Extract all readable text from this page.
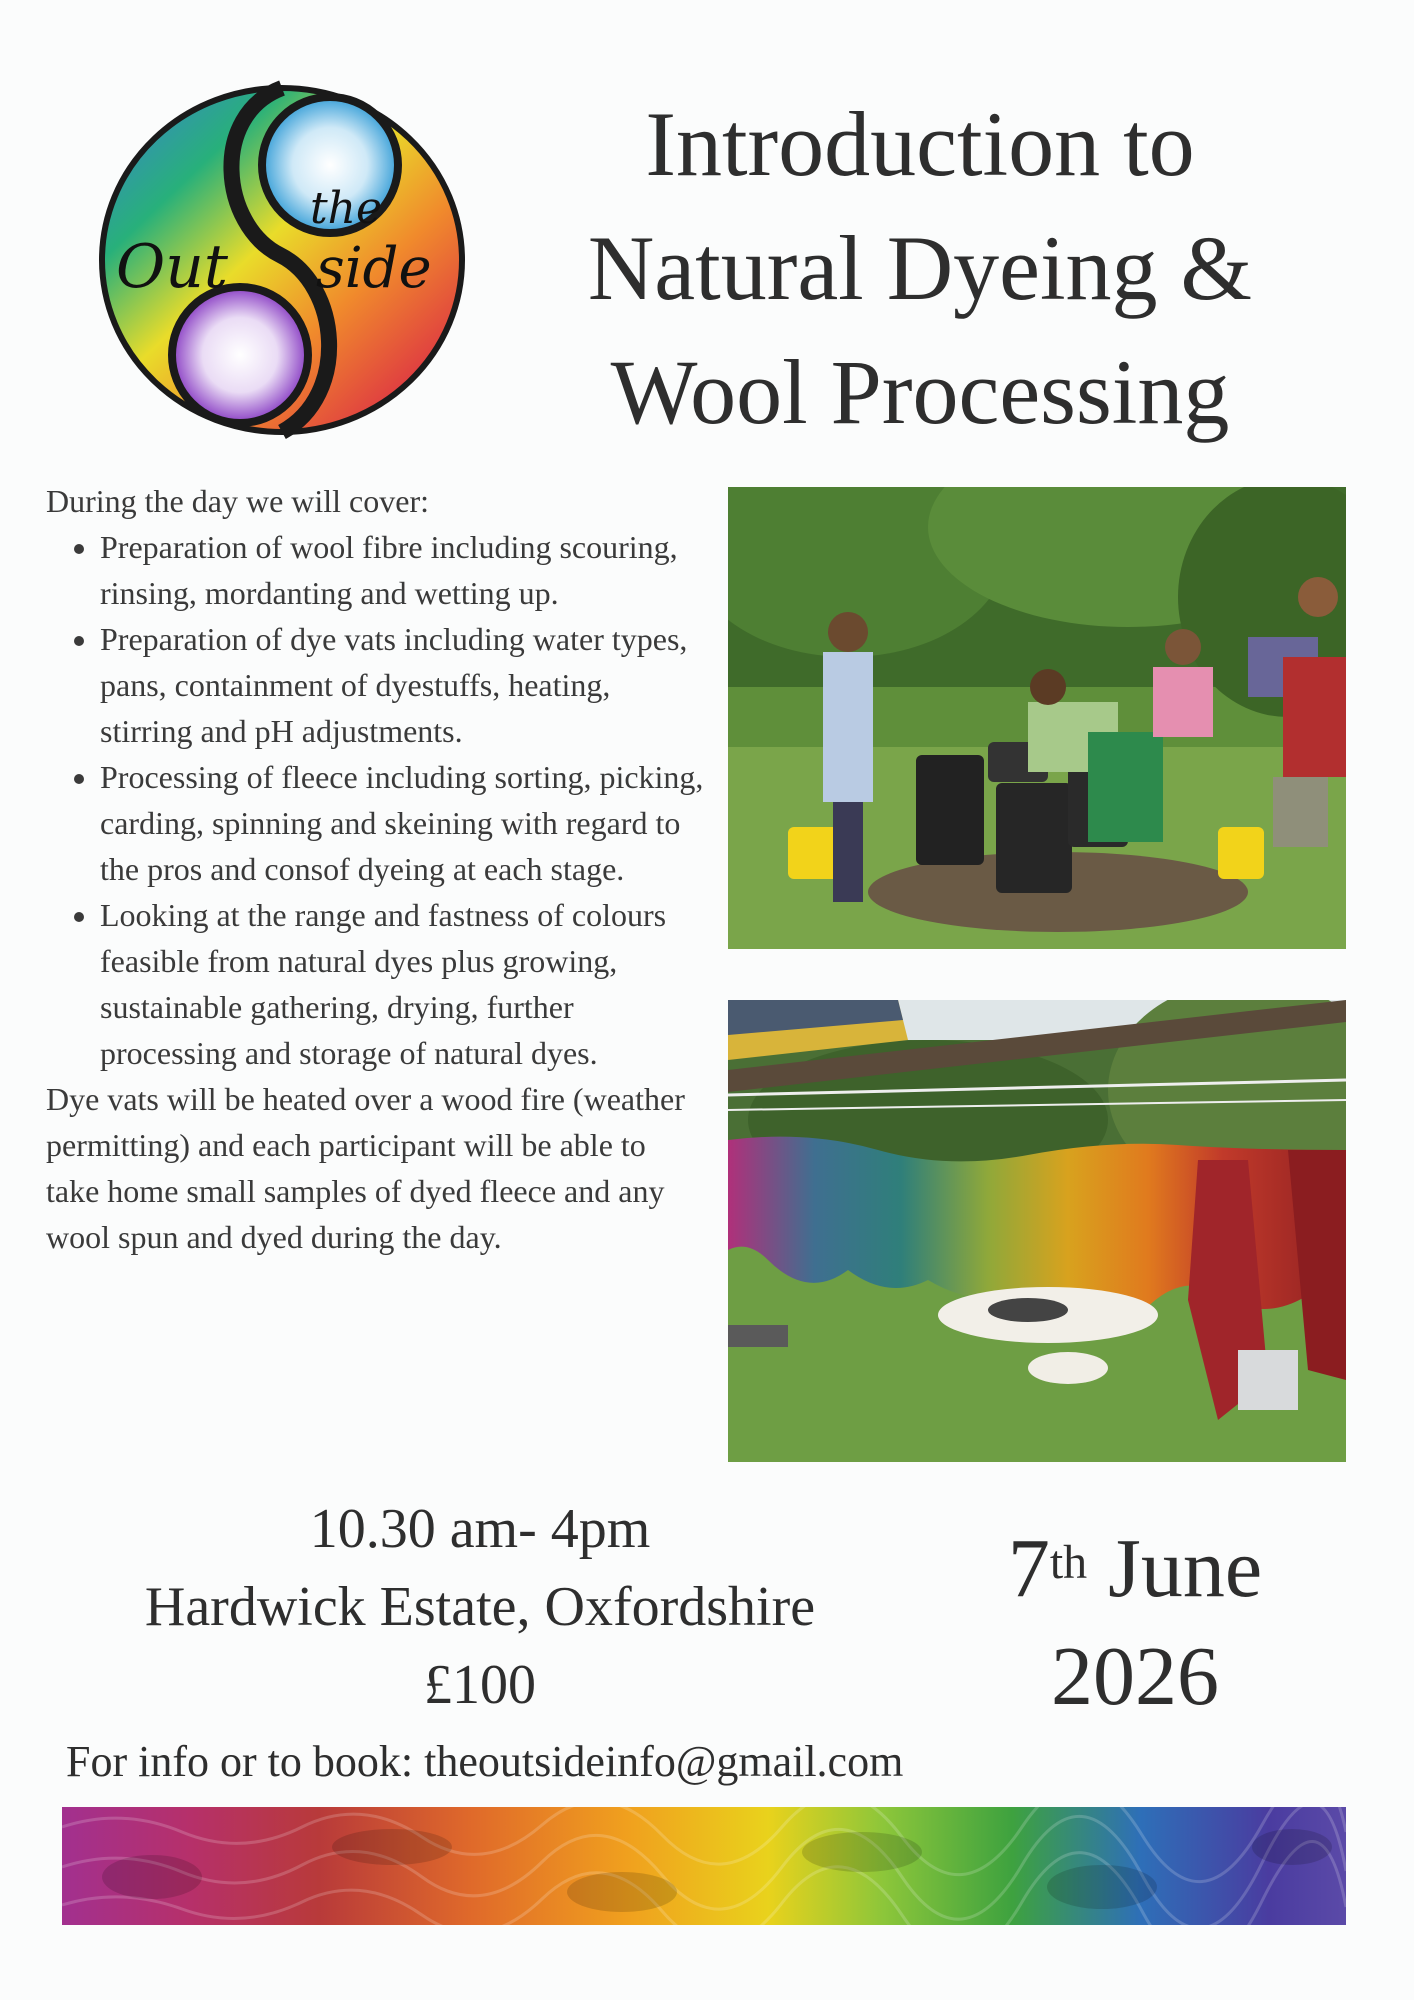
the
Out side
Introduction to
Natural Dyeing &
Wool Processing
During the day we will cover:
• Preparation of wool fibre including scouring, rinsing, mordanting and wetting up.
• Preparation of dye vats including water types, pans, containment of dyestuffs, heating, stirring and pH adjustments.
• Processing of fleece including sorting, picking, carding, spinning and skeining with regard to the pros and consof dyeing at each stage.
• Looking at the range and fastness of colours feasible from natural dyes plus growing, sustainable gathering, drying, further processing and storage of natural dyes.
Dye vats will be heated over a wood fire (weather permitting) and each participant will be able to take home small samples of dyed fleece and any wool spun and dyed during the day.
10.30 am- 4pm
Hardwick Estate, Oxfordshire
£100
7th June
2026
For info or to book: theoutsideinfo@gmail.com
